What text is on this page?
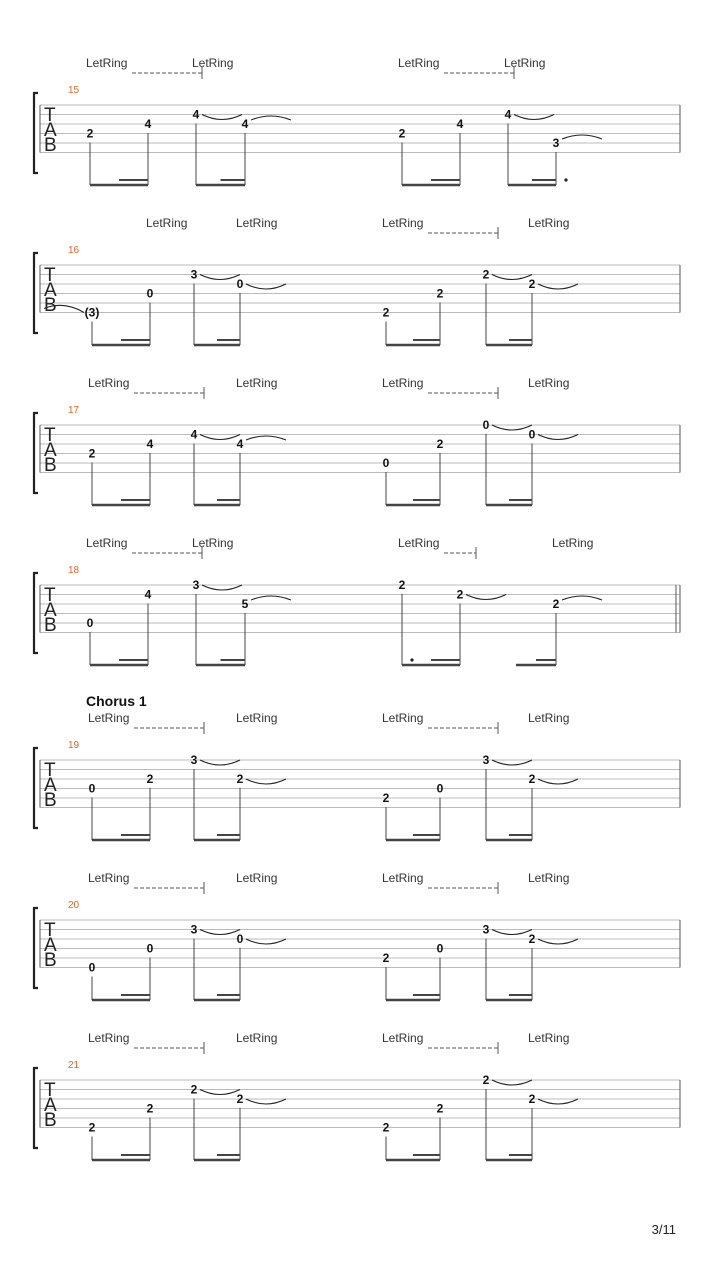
LetRing	LetRing	LetRing	LetRing
15
T
A
B
2
4
4
4
2
4
4
3
LetRing	LetRing	LetRing	LetRing
16
T
A
B (3)
0
3
0
2
2
2
2
LetRing	LetRing	LetRing	LetRing
17
T
A
B
2
4
4
4
0
2
0
0
LetRing	LetRing	LetRing	LetRing
18
T
A
B 0
4
3
5
2
2
2
Chorus 1
LetRing	LetRing	LetRing	LetRing
19
T
A
B
0
2
3
2
2
0
3
2
LetRing	LetRing	LetRing	LetRing
20
T
A
B	0
0
3
0
2
0
3
2
LetRing	LetRing	LetRing	LetRing
21
T
A
B	2
2
2
2
2
2
2
2
3/11
